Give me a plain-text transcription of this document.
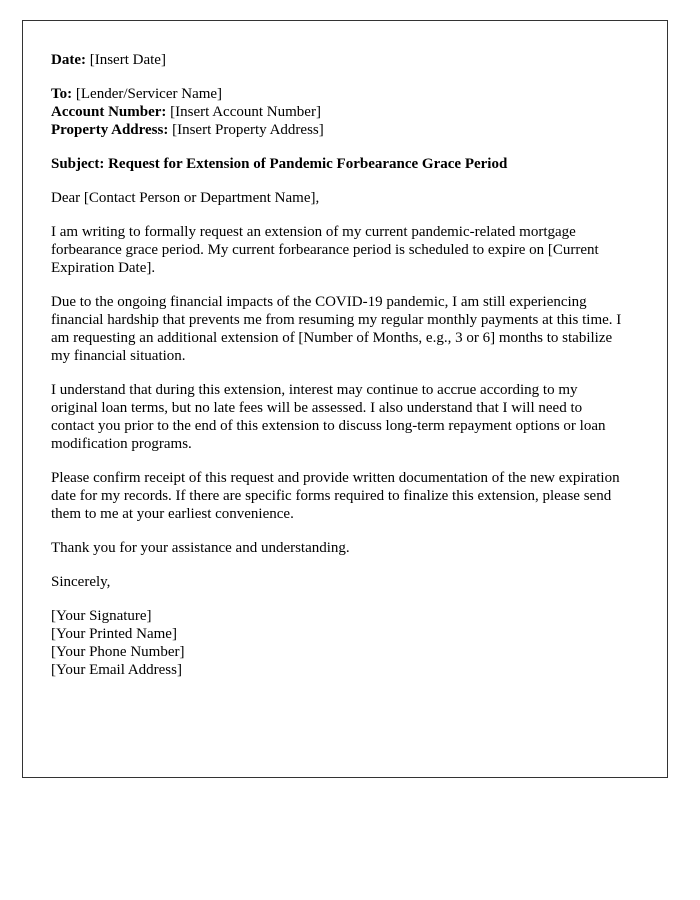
Date: [Insert Date]

To: [Lender/Servicer Name]
Account Number: [Insert Account Number]
Property Address: [Insert Property Address]

Subject: Request for Extension of Pandemic Forbearance Grace Period

Dear [Contact Person or Department Name],

I am writing to formally request an extension of my current pandemic-related mortgage forbearance grace period. My current forbearance period is scheduled to expire on [Current Expiration Date].

Due to the ongoing financial impacts of the COVID-19 pandemic, I am still experiencing financial hardship that prevents me from resuming my regular monthly payments at this time. I am requesting an additional extension of [Number of Months, e.g., 3 or 6] months to stabilize my financial situation.

I understand that during this extension, interest may continue to accrue according to my original loan terms, but no late fees will be assessed. I also understand that I will need to contact you prior to the end of this extension to discuss long-term repayment options or loan modification programs.

Please confirm receipt of this request and provide written documentation of the new expiration date for my records. If there are specific forms required to finalize this extension, please send them to me at your earliest convenience.

Thank you for your assistance and understanding.

Sincerely,

[Your Signature]
[Your Printed Name]
[Your Phone Number]
[Your Email Address]
